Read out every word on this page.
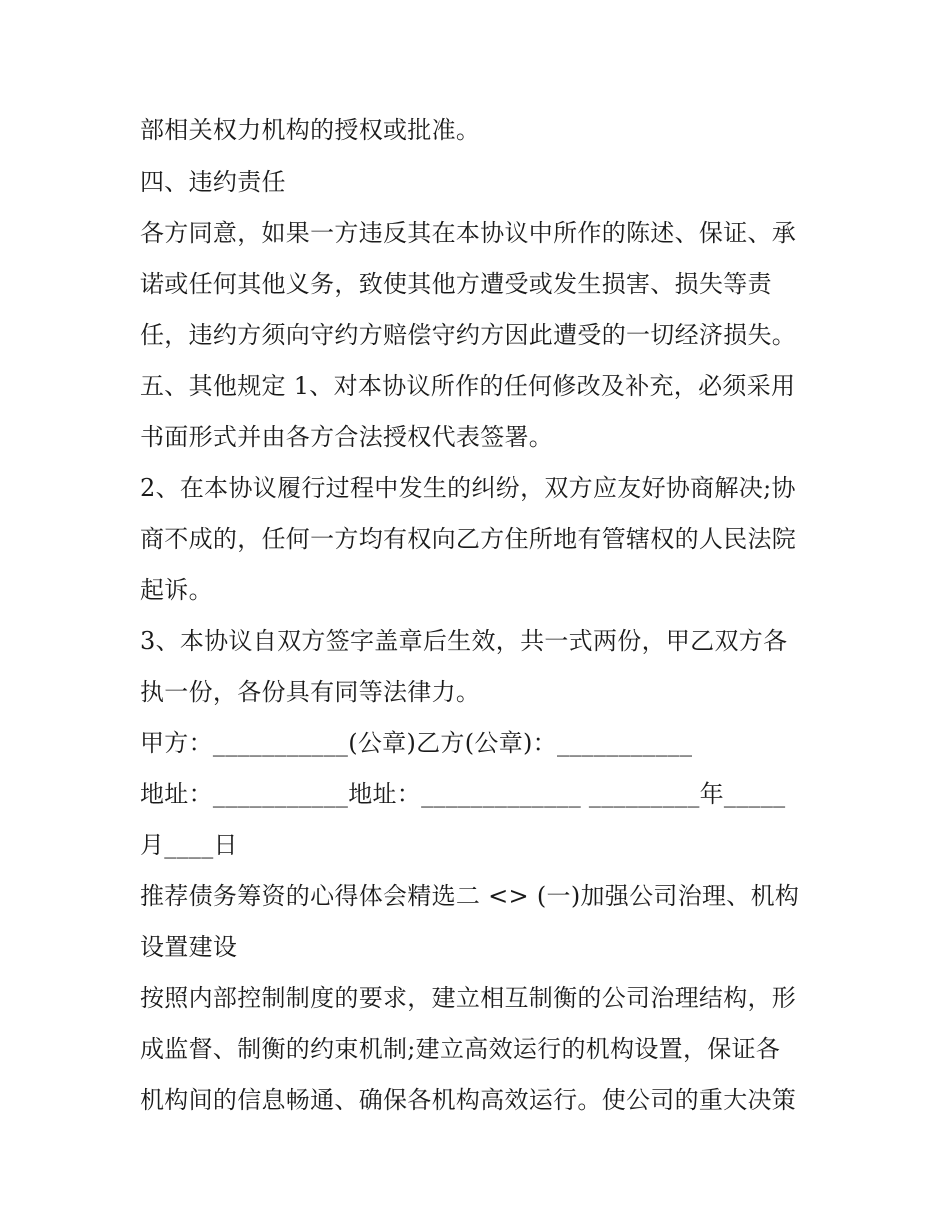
部相关权力机构的授权或批准。

四、违约责任

各方同意，如果一方违反其在本协议中所作的陈述、保证、承

诺或任何其他义务，致使其他方遭受或发生损害、损失等责

任，违约方须向守约方赔偿守约方因此遭受的一切经济损失。

五、其他规定 1、对本协议所作的任何修改及补充，必须采用

书面形式并由各方合法授权代表签署。

2、在本协议履行过程中发生的纠纷，双方应友好协商解决;协

商不成的，任何一方均有权向乙方住所地有管辖权的人民法院

起诉。

3、本协议自双方签字盖章后生效，共一式两份，甲乙双方各

执一份，各份具有同等法律力。

甲方：___________(公章)乙方(公章)：___________

地址：___________地址：_____________ _________年_____

月____日

推荐债务筹资的心得体会精选二 <> (一)加强公司治理、机构

设置建设

按照内部控制制度的要求，建立相互制衡的公司治理结构，形

成监督、制衡的约束机制;建立高效运行的机构设置，保证各

机构间的信息畅通、确保各机构高效运行。使公司的重大决策
